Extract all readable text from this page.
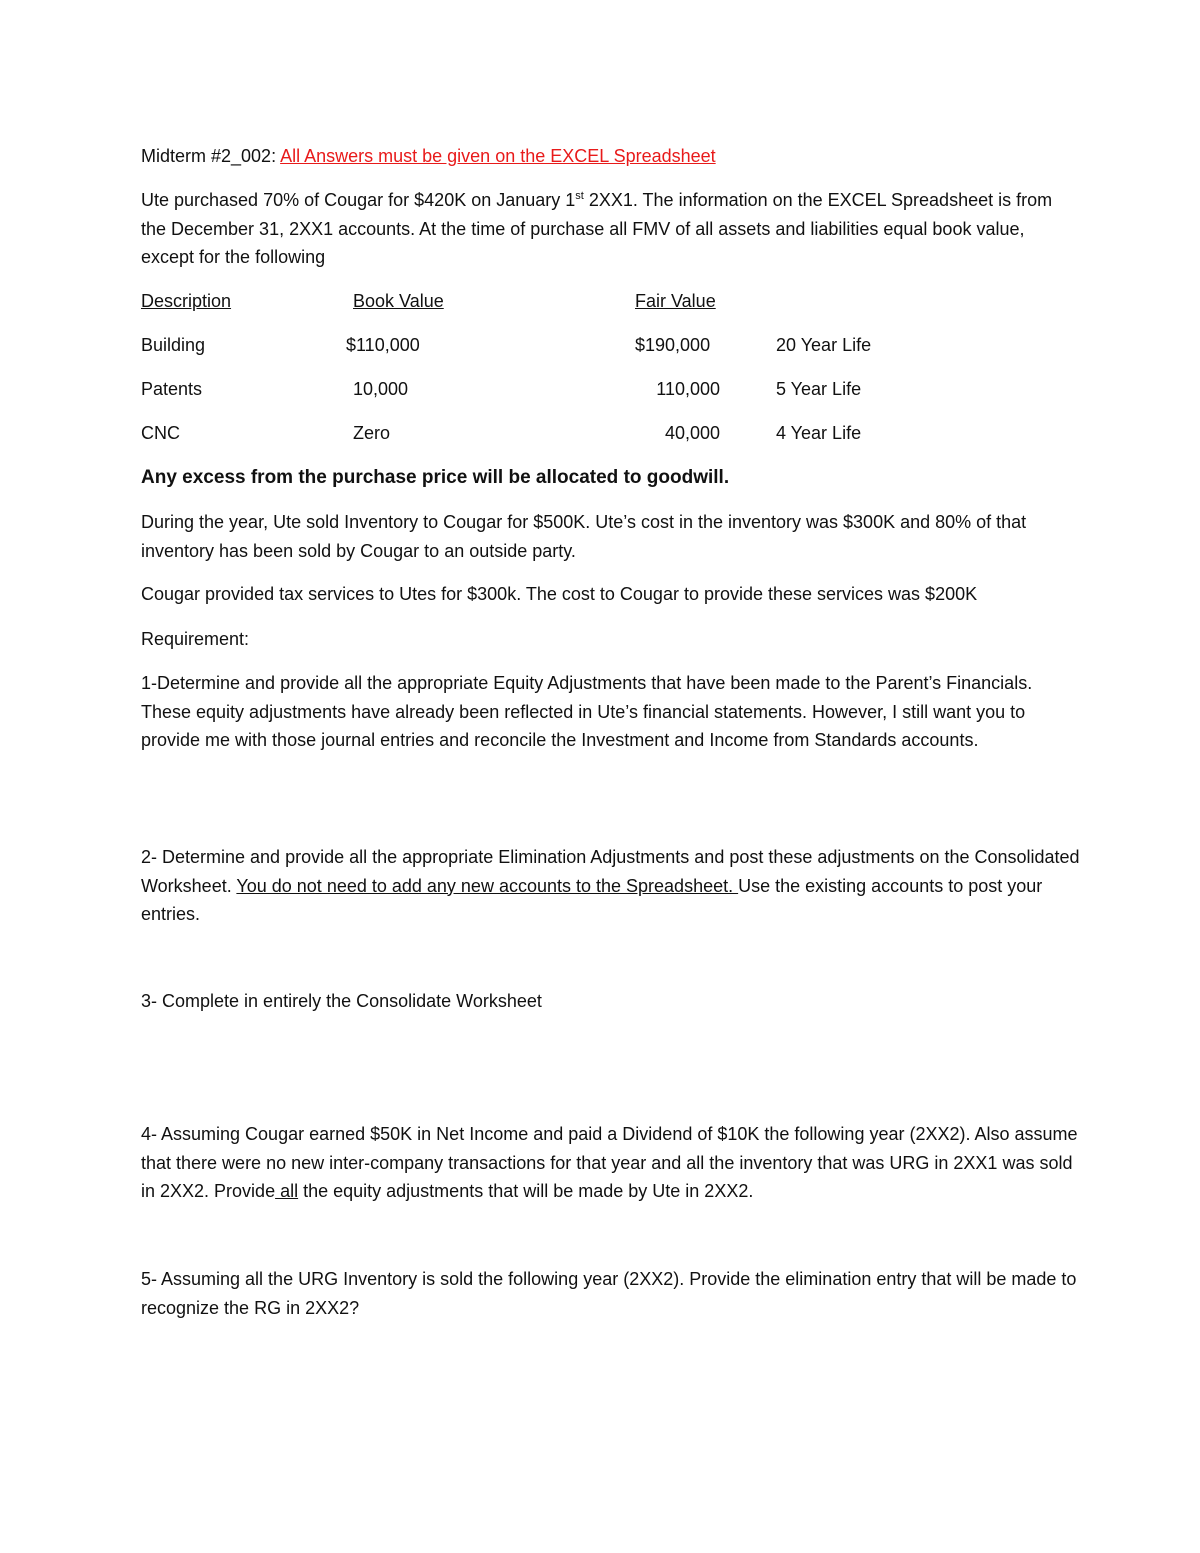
Midterm #2_002: All Answers must be given on the EXCEL Spreadsheet

Ute purchased 70% of Cougar for $420K on January 1st 2XX1. The information on the EXCEL Spreadsheet is from the December 31, 2XX1 accounts. At the time of purchase all FMV of all assets and liabilities equal book value, except for the following

Description	Book Value	Fair Value
Building	$110,000	$190,000	20 Year Life
Patents	10,000	110,000	5 Year Life
CNC	Zero	40,000	4 Year Life

Any excess from the purchase price will be allocated to goodwill.

During the year, Ute sold Inventory to Cougar for $500K. Ute’s cost in the inventory was $300K and 80% of that inventory has been sold by Cougar to an outside party.

Cougar provided tax services to Utes for $300k. The cost to Cougar to provide these services was $200K

Requirement:

1-Determine and provide all the appropriate Equity Adjustments that have been made to the Parent’s Financials. These equity adjustments have already been reflected in Ute’s financial statements. However, I still want you to provide me with those journal entries and reconcile the Investment and Income from Standards accounts.

2- Determine and provide all the appropriate Elimination Adjustments and post these adjustments on the Consolidated Worksheet. You do not need to add any new accounts to the Spreadsheet. Use the existing accounts to post your entries.

3- Complete in entirely the Consolidate Worksheet

4- Assuming Cougar earned $50K in Net Income and paid a Dividend of $10K the following year (2XX2). Also assume that there were no new inter-company transactions for that year and all the inventory that was URG in 2XX1 was sold in 2XX2. Provide all the equity adjustments that will be made by Ute in 2XX2.

5- Assuming all the URG Inventory is sold the following year (2XX2). Provide the elimination entry that will be made to recognize the RG in 2XX2?
